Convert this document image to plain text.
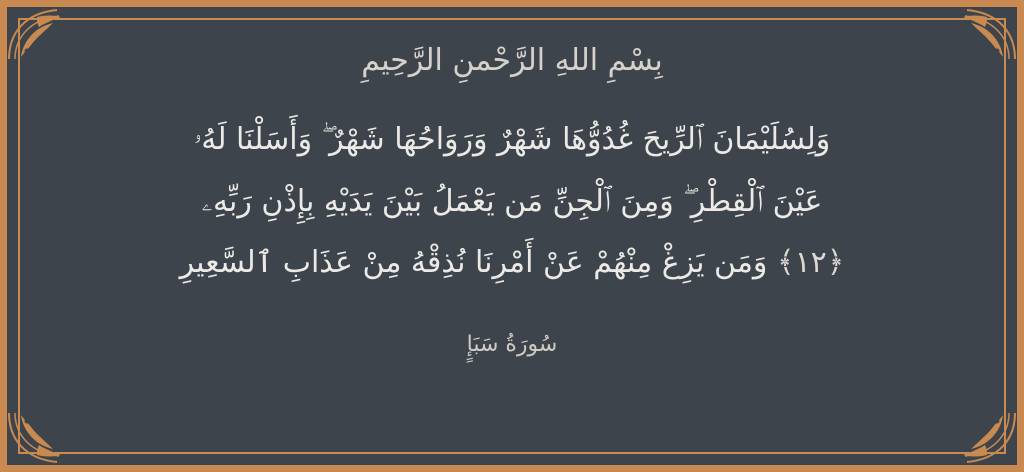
بِسْمِ اللهِ الرَّحْمنِ الرَّحِيمِ
وَلِسُلَيْمَانَ ٱلرِّيحَ غُدُوُّهَا شَهْرٌ وَرَوَاحُهَا شَهْرٌ ۖ وَأَسَلْنَا لَهُۥ
عَيْنَ ٱلْقِطْرِ ۖ وَمِنَ ٱلْجِنِّ مَن يَعْمَلُ بَيْنَ يَدَيْهِ بِإِذْنِ رَبِّهِۦ
﴿١٢﴾ وَمَن يَزِغْ مِنْهُمْ عَنْ أَمْرِنَا نُذِقْهُ مِنْ عَذَابِ ٱلسَّعِيرِ
سُورَةُ سَبَإٍ
